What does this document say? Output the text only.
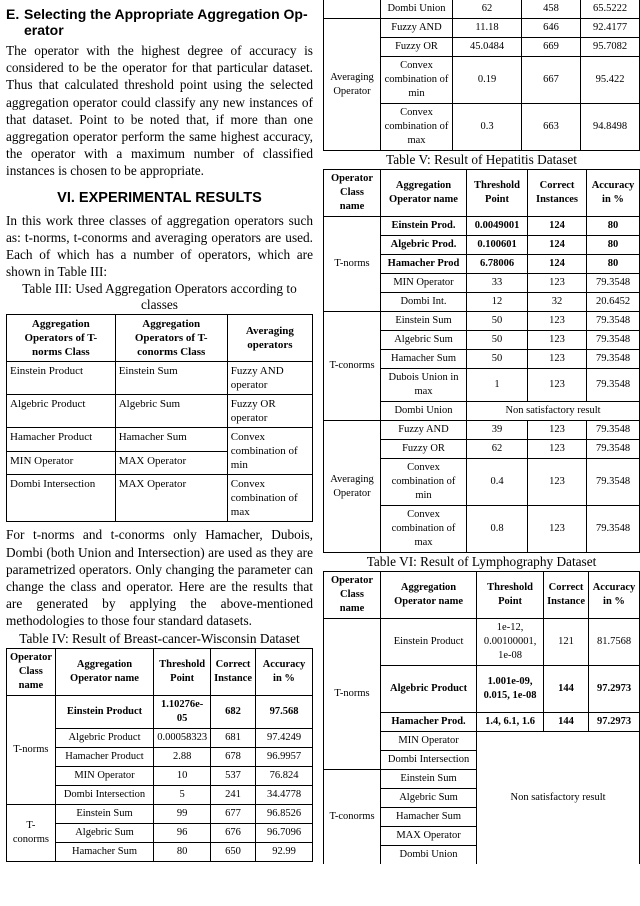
E. Selecting the Appropriate Aggregation Op-
erator

The operator with the highest degree of accuracy is considered to be the operator for that particular dataset. Thus that calculated threshold point using the selected aggregation operator could classify any new instances of that dataset. Point to be noted that, if more than one aggregation operator perform the same highest accuracy, the operator with a maximum number of classified instances is chosen to be appropriate.

VI. EXPERIMENTAL RESULTS

In this work three classes of aggregation operators such as: t-norms, t-conorms and averaging operators are used. Each of which has a number of operators, which are shown in Table III:

Table III: Used Aggregation Operators according to classes
Aggregation Operators of T-norms Class	Aggregation Operators of T-conorms Class	Averaging operators
Einstein Product	Einstein Sum	Fuzzy AND operator
Algebric Product	Algebric Sum	Fuzzy OR operator
Hamacher Product	Hamacher Sum	Convex combination of min
MIN Operator	MAX Operator	
Dombi Intersection	MAX Operator	Convex combination of max

For t-norms and t-conorms only Hamacher, Dubois, Dombi (both Union and Intersection) are used as they are parametrized operators. Only changing the parameter can change the class and operator. Here are the results that are generated by applying the above-mentioned methodologies to those four standard datasets.

Table IV: Result of Breast-cancer-Wisconsin Dataset
Operator Class name	Aggregation Operator name	Threshold Point	Correct Instance	Accuracy in %
T-norms	Einstein Product	1.10276e-05	682	97.568
	Algebric Product	0.00058323	681	97.4249
	Hamacher Product	2.88	678	96.9957
	MIN Operator	10	537	76.824
	Dombi Intersection	5	241	34.4778
T-conorms	Einstein Sum	99	677	96.8526
	Algebric Sum	96	676	96.7096
	Hamacher Sum	80	650	92.99
	Dombi Union	62	458	65.5222
Averaging Operator	Fuzzy AND	11.18	646	92.4177
	Fuzzy OR	45.0484	669	95.7082
	Convex combination of min	0.19	667	95.422
	Convex combination of max	0.3	663	94.8498
Table V: Result of Hepatitis Dataset
Operator Class name	Aggregation Operator name	Threshold Point	Correct Instances	Accuracy in %
T-norms	Einstein Prod.	0.0049001	124	80
	Algebric Prod.	0.100601	124	80
	Hamacher Prod	6.78006	124	80
	MIN Operator	33	123	79.3548
	Dombi Int.	12	32	20.6452
T-conorms	Einstein Sum	50	123	79.3548
	Algebric Sum	50	123	79.3548
	Hamacher Sum	50	123	79.3548
	Dubois Union in max	1	123	79.3548
	Dombi Union	Non satisfactory result		
Averaging Operator	Fuzzy AND	39	123	79.3548
	Fuzzy OR	62	123	79.3548
	Convex combination of min	0.4	123	79.3548
	Convex combination of max	0.8	123	79.3548
Table VI: Result of Lymphography Dataset
Operator Class name	Aggregation Operator name	Threshold Point	Correct Instance	Accuracy in %
T-norms	Einstein Product	1e-12, 0.00100001, 1e-08	121	81.7568
	Algebric Product	1.001e-09, 0.015, 1e-08	144	97.2973
	Hamacher Prod.	1.4, 6.1, 1.6	144	97.2973
	MIN Operator	Non satisfactory result		
	Dombi Intersection			
T-conorms	Einstein Sum			
	Algebric Sum			
	Hamacher Sum			
	MAX Operator			
	Dombi Union			
